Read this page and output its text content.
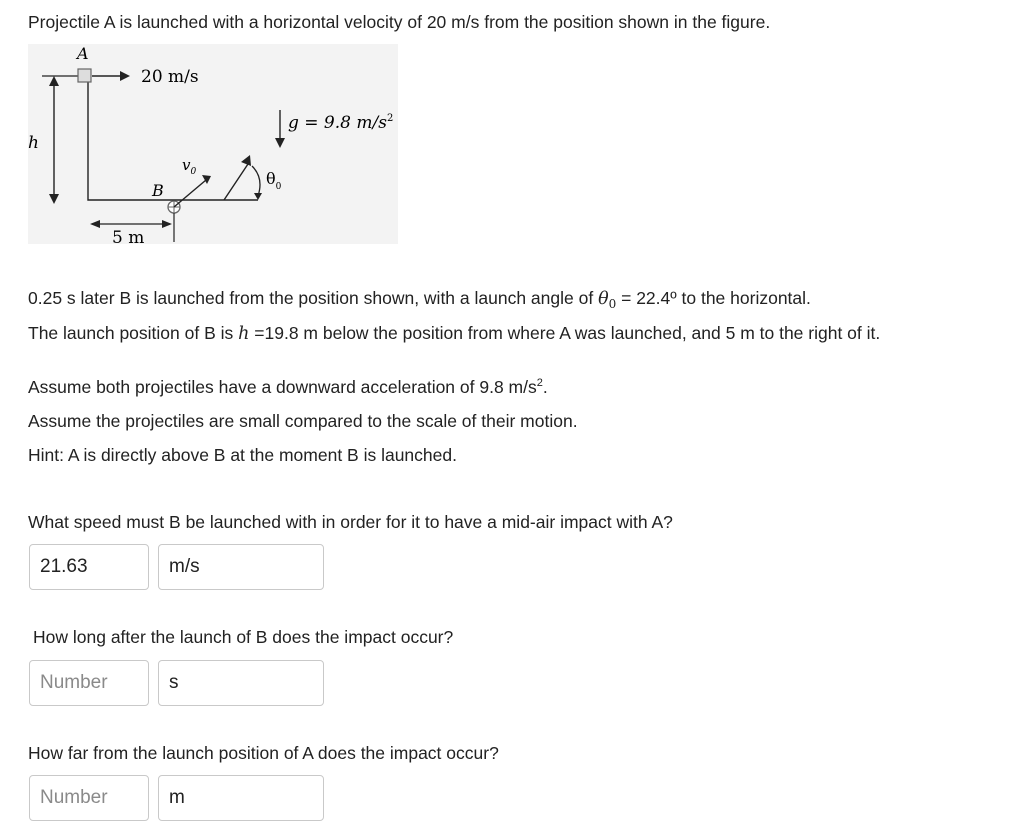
Projectile A is launched with a horizontal velocity of 20 m/s from the position shown in the figure.
h
A
20 m/s
g = 9.8 $m/s^2$
B
$v_0$	$\theta_0$
5 m
0.25 s later B is launched from the position shown, with a launch angle of $\theta_0$ = 22.4º to the horizontal.
The launch position of B is h =19.8 m below the position from where A was launched, and 5 m to the right of it.
Assume both projectiles have a downward acceleration of 9.8 $m/s^2$.
Assume the projectiles are small compared to the scale of their motion.
Hint: A is directly above B at the moment B is launched.
What speed must B be launched with in order for it to have a mid-air impact with A?
21.63	m/s
How long after the launch of B does the impact occur?
Number	s
How far from the launch position of A does the impact occur?
Number	m
